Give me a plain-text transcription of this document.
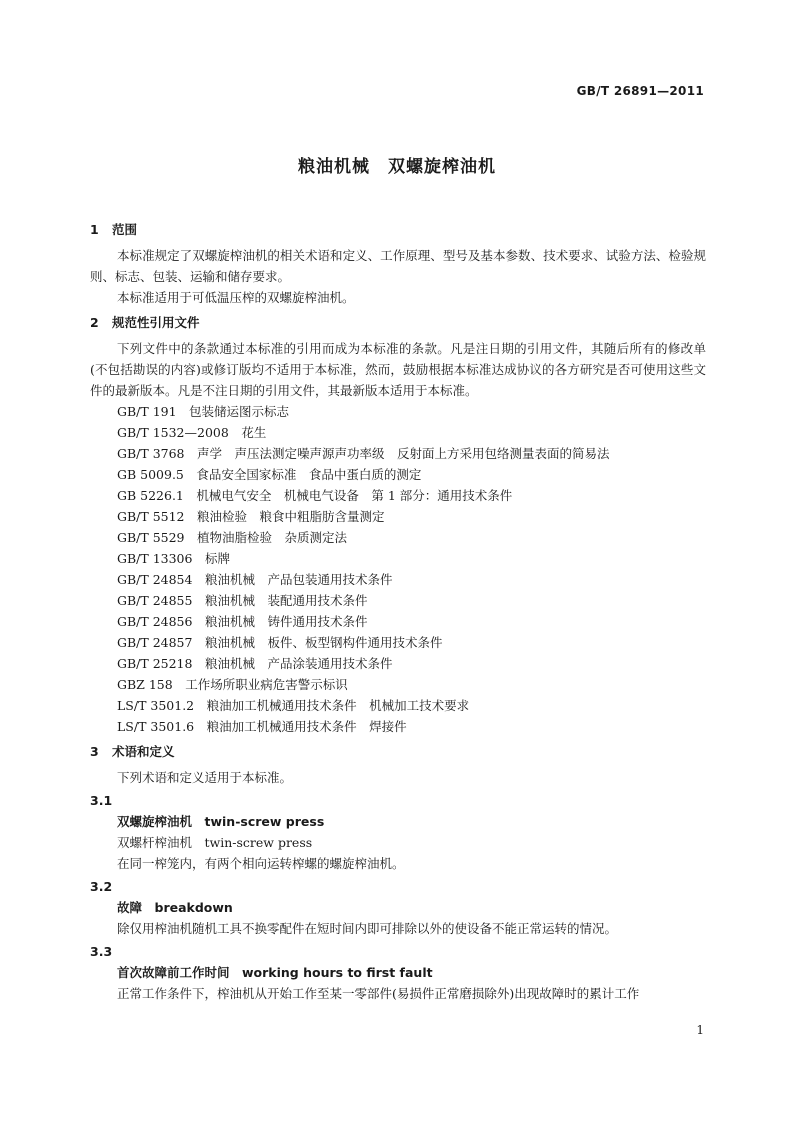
GB/T 26891—2011
粮油机械　双螺旋榨油机
1 范围

本标准规定了双螺旋榨油机的相关术语和定义、工作原理、型号及基本参数、技术要求、试验方法、检验规则、标志、包装、运输和储存要求。

本标准适用于可低温压榨的双螺旋榨油机。

2 规范性引用文件

下列文件中的条款通过本标准的引用而成为本标准的条款。凡是注日期的引用文件，其随后所有的修改单(不包括勘误的内容)或修订版均不适用于本标准，然而，鼓励根据本标准达成协议的各方研究是否可使用这些文件的最新版本。凡是不注日期的引用文件，其最新版本适用于本标准。

GB/T 191　包装储运图示标志
GB/T 1532—2008　花生
GB/T 3768　声学　声压法测定噪声源声功率级　反射面上方采用包络测量表面的简易法
GB 5009.5　食品安全国家标准　食品中蛋白质的测定
GB 5226.1　机械电气安全　机械电气设备　第 1 部分：通用技术条件
GB/T 5512　粮油检验　粮食中粗脂肪含量测定
GB/T 5529　植物油脂检验　杂质测定法
GB/T 13306　标牌
GB/T 24854　粮油机械　产品包装通用技术条件
GB/T 24855　粮油机械　装配通用技术条件
GB/T 24856　粮油机械　铸件通用技术条件
GB/T 24857　粮油机械　板件、板型钢构件通用技术条件
GB/T 25218　粮油机械　产品涂装通用技术条件
GBZ 158　工作场所职业病危害警示标识
LS/T 3501.2　粮油加工机械通用技术条件　机械加工技术要求
LS/T 3501.6　粮油加工机械通用技术条件　焊接件
3 术语和定义

下列术语和定义适用于本标准。

3.1
双螺旋榨油机　twin-screw press
双螺杆榨油机　twin-screw press

在同一榨笼内，有两个相向运转榨螺的螺旋榨油机。

3.2
故障　breakdown

除仅用榨油机随机工具不换零配件在短时间内即可排除以外的使设备不能正常运转的情况。

3.3
首次故障前工作时间　working hours to first fault

正常工作条件下，榨油机从开始工作至某一零部件(易损件正常磨损除外)出现故障时的累计工作

1
